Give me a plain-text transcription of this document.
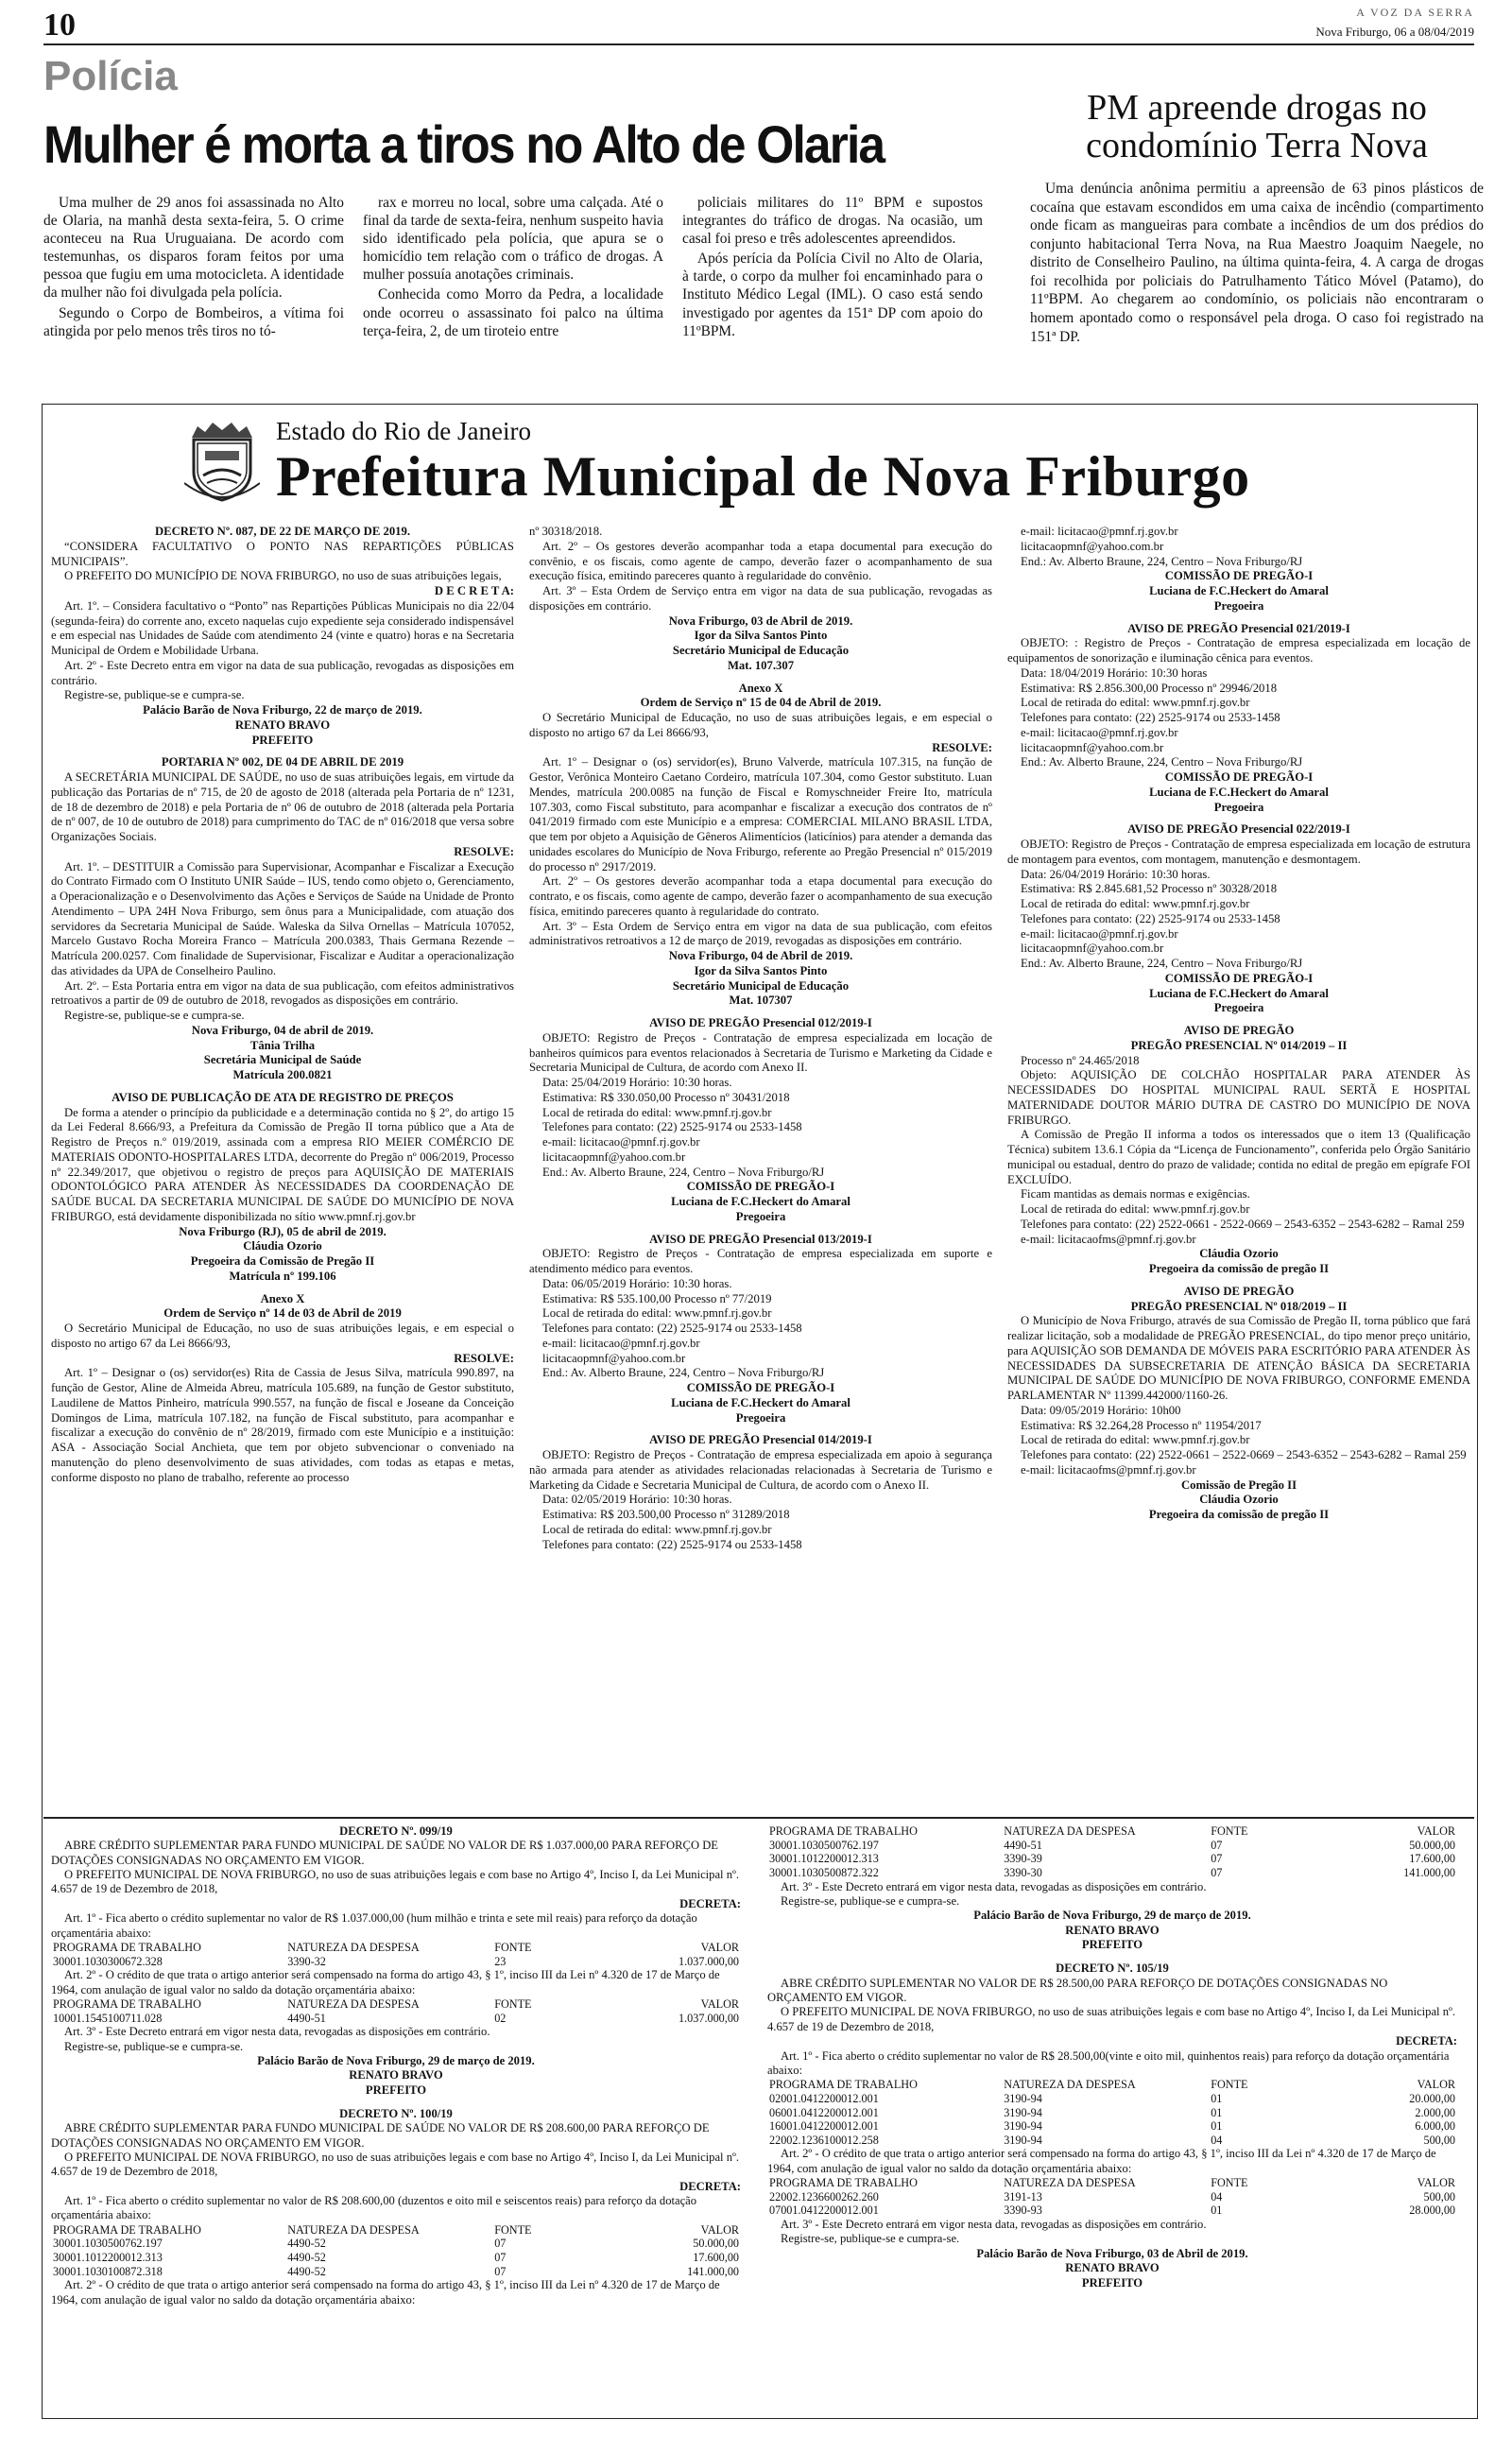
10	A VOZ DA SERRA
Nova Friburgo, 06 a 08/04/2019
Polícia
Mulher é morta a tiros no Alto de Olaria

Uma mulher de 29 anos foi assassinada no Alto de Olaria, na manhã desta sexta-feira, 5. O crime aconteceu na Rua Uruguaiana. De acordo com testemunhas, os disparos foram feitos por uma pessoa que fugiu em uma motocicleta. A identidade da mulher não foi divulgada pela polícia.

Segundo o Corpo de Bombeiros, a vítima foi atingida por pelo menos três tiros no tó-

rax e morreu no local, sobre uma calçada. Até o final da tarde de sexta-feira, nenhum suspeito havia sido identificado pela polícia, que apura se o homicídio tem relação com o tráfico de drogas. A mulher possuía anotações criminais.

Conhecida como Morro da Pedra, a localidade onde ocorreu o assassinato foi palco na última terça-feira, 2, de um tiroteio entre

policiais militares do 11º BPM e supostos integrantes do tráfico de drogas. Na ocasião, um casal foi preso e três adolescentes apreendidos.

Após perícia da Polícia Civil no Alto de Olaria, à tarde, o corpo da mulher foi encaminhado para o Instituto Médico Legal (IML). O caso está sendo investigado por agentes da 151ª DP com apoio do 11ºBPM.

PM apreende drogas no condomínio Terra Nova

Uma denúncia anônima permitiu a apreensão de 63 pinos plásticos de cocaína que estavam escondidos em uma caixa de incêndio (compartimento onde ficam as mangueiras para combate a incêndios de um dos prédios do conjunto habitacional Terra Nova, na Rua Maestro Joaquim Naegele, no distrito de Conselheiro Paulino, na última quinta-feira, 4. A carga de drogas foi recolhida por policiais do Patrulhamento Tático Móvel (Patamo), do 11ºBPM. Ao chegarem ao condomínio, os policiais não encontraram o homem apontado como o responsável pela droga. O caso foi registrado na 151ª DP.

Estado do Rio de Janeiro
Prefeitura Municipal de Nova Friburgo

DECRETO Nº. 087, DE 22 DE MARÇO DE 2019.

“CONSIDERA FACULTATIVO O PONTO NAS REPARTIÇÕES PÚBLICAS MUNICIPAIS”.

O PREFEITO DO MUNICÍPIO DE NOVA FRIBURGO, no uso de suas atribuições legais,

D E C R E T A:

Art. 1º. – Considera facultativo o “Ponto” nas Repartições Públicas Municipais no dia 22/04 (segunda-feira) do corrente ano, exceto naquelas cujo expediente seja considerado indispensável e em especial nas Unidades de Saúde com atendimento 24 (vinte e quatro) horas e na Secretaria Municipal de Ordem e Mobilidade Urbana.

Art. 2º - Este Decreto entra em vigor na data de sua publicação, revogadas as disposições em contrário.

Registre-se, publique-se e cumpra-se.

Palácio Barão de Nova Friburgo, 22 de março de 2019.

RENATO BRAVO

PREFEITO

PORTARIA Nº 002, DE 04 DE ABRIL DE 2019

A SECRETÁRIA MUNICIPAL DE SAÚDE, no uso de suas atribuições legais, em virtude da publicação das Portarias de nº 715, de 20 de agosto de 2018 (alterada pela Portaria de nº 1231, de 18 de dezembro de 2018) e pela Portaria de nº 06 de outubro de 2018 (alterada pela Portaria de nº 007, de 10 de outubro de 2018) para cumprimento do TAC de nº 016/2018 que versa sobre Organizações Sociais.

RESOLVE:

Art. 1º. – DESTITUIR a Comissão para Supervisionar, Acompanhar e Fiscalizar a Execução do Contrato Firmado com O Instituto UNIR Saúde – IUS, tendo como objeto o, Gerenciamento, a Operacionalização e o Desenvolvimento das Ações e Serviços de Saúde na Unidade de Pronto Atendimento – UPA 24H Nova Friburgo, sem ônus para a Municipalidade, com atuação dos servidores da Secretaria Municipal de Saúde. Waleska da Silva Ornellas – Matrícula 107052, Marcelo Gustavo Rocha Moreira Franco – Matrícula 200.0383, Thais Germana Rezende – Matrícula 200.0257. Com finalidade de Supervisionar, Fiscalizar e Auditar a operacionalização das atividades da UPA de Conselheiro Paulino.

Art. 2º. – Esta Portaria entra em vigor na data de sua publicação, com efeitos administrativos retroativos a partir de 09 de outubro de 2018, revogados as disposições em contrário.

Registre-se, publique-se e cumpra-se.

Nova Friburgo, 04 de abril de 2019.

Tânia Trilha

Secretária Municipal de Saúde

Matrícula 200.0821

AVISO DE PUBLICAÇÃO DE ATA DE REGISTRO DE PREÇOS

De forma a atender o princípio da publicidade e a determinação contida no § 2º, do artigo 15 da Lei Federal 8.666/93, a Prefeitura da Comissão de Pregão II torna público que a Ata de Registro de Preços n.º 019/2019, assinada com a empresa RIO MEIER COMÉRCIO DE MATERIAIS ODONTO-HOSPITALARES LTDA, decorrente do Pregão nº 006/2019, Processo nº 22.349/2017, que objetivou o registro de preços para AQUISIÇÃO DE MATERIAIS ODONTOLÓGICO PARA ATENDER ÀS NECESSIDADES DA COORDENAÇÃO DE SAÚDE BUCAL DA SECRETARIA MUNICIPAL DE SAÚDE DO MUNICÍPIO DE NOVA FRIBURGO, está devidamente disponibilizada no sítio www.pmnf.rj.gov.br

Nova Friburgo (RJ), 05 de abril de 2019.

Cláudia Ozorio

Pregoeira da Comissão de Pregão II

Matrícula nº 199.106

Anexo X

Ordem de Serviço nº 14 de 03 de Abril de 2019

O Secretário Municipal de Educação, no uso de suas atribuições legais, e em especial o disposto no artigo 67 da Lei 8666/93,

RESOLVE:

Art. 1º – Designar o (os) servidor(es) Rita de Cassia de Jesus Silva, matrícula 990.897, na função de Gestor, Aline de Almeida Abreu, matrícula 105.689, na função de Gestor substituto, Laudilene de Mattos Pinheiro, matrícula 990.557, na função de fiscal e Joseane da Conceição Domingos de Lima, matrícula 107.182, na função de Fiscal substituto, para acompanhar e fiscalizar a execução do convênio de nº 28/2019, firmado com este Município e a instituição: ASA - Associação Social Anchieta, que tem por objeto subvencionar o conveniado na manutenção do pleno desenvolvimento de suas atividades, com todas as etapas e metas, conforme disposto no plano de trabalho, referente ao processo

nº 30318/2018.

Art. 2º – Os gestores deverão acompanhar toda a etapa documental para execução do convênio, e os fiscais, como agente de campo, deverão fazer o acompanhamento de sua execução física, emitindo pareceres quanto à regularidade do convênio.

Art. 3º – Esta Ordem de Serviço entra em vigor na data de sua publicação, revogadas as disposições em contrário.

Nova Friburgo, 03 de Abril de 2019.

Igor da Silva Santos Pinto

Secretário Municipal de Educação

Mat. 107.307

Anexo X

Ordem de Serviço nº 15 de 04 de Abril de 2019.

O Secretário Municipal de Educação, no uso de suas atribuições legais, e em especial o disposto no artigo 67 da Lei 8666/93,

RESOLVE:

Art. 1º – Designar o (os) servidor(es), Bruno Valverde, matrícula 107.315, na função de Gestor, Verônica Monteiro Caetano Cordeiro, matrícula 107.304, como Gestor substituto. Luan Mendes, matrícula 200.0085 na função de Fiscal e Romyschneider Freire Ito, matrícula 107.303, como Fiscal substituto, para acompanhar e fiscalizar a execução dos contratos de nº 041/2019 firmado com este Município e a empresa: COMERCIAL MILANO BRASIL LTDA, que tem por objeto a Aquisição de Gêneros Alimentícios (laticínios) para atender a demanda das unidades escolares do Município de Nova Friburgo, referente ao Pregão Presencial nº 015/2019 do processo nº 2917/2019.

Art. 2º – Os gestores deverão acompanhar toda a etapa documental para execução do contrato, e os fiscais, como agente de campo, deverão fazer o acompanhamento de sua execução física, emitindo pareceres quanto à regularidade do contrato.

Art. 3º – Esta Ordem de Serviço entra em vigor na data de sua publicação, com efeitos administrativos retroativos a 12 de março de 2019, revogadas as disposições em contrário.

Nova Friburgo, 04 de Abril de 2019.

Igor da Silva Santos Pinto

Secretário Municipal de Educação

Mat. 107307

AVISO DE PREGÃO Presencial 012/2019-I

OBJETO: Registro de Preços - Contratação de empresa especializada em locação de banheiros químicos para eventos relacionados à Secretaria de Turismo e Marketing da Cidade e Secretaria Municipal de Cultura, de acordo com Anexo II.

Data: 25/04/2019 Horário: 10:30 horas.

Estimativa: R$ 330.050,00 Processo nº 30431/2018

Local de retirada do edital: www.pmnf.rj.gov.br

Telefones para contato: (22) 2525-9174 ou 2533-1458

e-mail: licitacao@pmnf.rj.gov.br

licitacaopmnf@yahoo.com.br

End.: Av. Alberto Braune, 224, Centro – Nova Friburgo/RJ

COMISSÃO DE PREGÃO-I

Luciana de F.C.Heckert do Amaral

Pregoeira

AVISO DE PREGÃO Presencial 013/2019-I

OBJETO: Registro de Preços - Contratação de empresa especializada em suporte e atendimento médico para eventos.

Data: 06/05/2019 Horário: 10:30 horas.

Estimativa: R$ 535.100,00 Processo nº 77/2019

Local de retirada do edital: www.pmnf.rj.gov.br

Telefones para contato: (22) 2525-9174 ou 2533-1458

e-mail: licitacao@pmnf.rj.gov.br

licitacaopmnf@yahoo.com.br

End.: Av. Alberto Braune, 224, Centro – Nova Friburgo/RJ

COMISSÃO DE PREGÃO-I

Luciana de F.C.Heckert do Amaral

Pregoeira

AVISO DE PREGÃO Presencial 014/2019-I

OBJETO: Registro de Preços - Contratação de empresa especializada em apoio à segurança não armada para atender as atividades relacionadas relacionadas à Secretaria de Turismo e Marketing da Cidade e Secretaria Municipal de Cultura, de acordo com o Anexo II.

Data: 02/05/2019 Horário: 10:30 horas.

Estimativa: R$ 203.500,00 Processo nº 31289/2018

Local de retirada do edital: www.pmnf.rj.gov.br

Telefones para contato: (22) 2525-9174 ou 2533-1458

e-mail: licitacao@pmnf.rj.gov.br

licitacaopmnf@yahoo.com.br

End.: Av. Alberto Braune, 224, Centro – Nova Friburgo/RJ

COMISSÃO DE PREGÃO-I

Luciana de F.C.Heckert do Amaral

Pregoeira

AVISO DE PREGÃO Presencial 021/2019-I

OBJETO: : Registro de Preços - Contratação de empresa especializada em locação de equipamentos de sonorização e iluminação cênica para eventos.

Data: 18/04/2019 Horário: 10:30 horas

Estimativa: R$ 2.856.300,00 Processo nº 29946/2018

Local de retirada do edital: www.pmnf.rj.gov.br

Telefones para contato: (22) 2525-9174 ou 2533-1458

e-mail: licitacao@pmnf.rj.gov.br

licitacaopmnf@yahoo.com.br

End.: Av. Alberto Braune, 224, Centro – Nova Friburgo/RJ

COMISSÃO DE PREGÃO-I

Luciana de F.C.Heckert do Amaral

Pregoeira

AVISO DE PREGÃO Presencial 022/2019-I

OBJETO: Registro de Preços - Contratação de empresa especializada em locação de estrutura de montagem para eventos, com montagem, manutenção e desmontagem.

Data: 26/04/2019 Horário: 10:30 horas.

Estimativa: R$ 2.845.681,52 Processo nº 30328/2018

Local de retirada do edital: www.pmnf.rj.gov.br

Telefones para contato: (22) 2525-9174 ou 2533-1458

e-mail: licitacao@pmnf.rj.gov.br

licitacaopmnf@yahoo.com.br

End.: Av. Alberto Braune, 224, Centro – Nova Friburgo/RJ

COMISSÃO DE PREGÃO-I

Luciana de F.C.Heckert do Amaral

Pregoeira

AVISO DE PREGÃO

PREGÃO PRESENCIAL Nº 014/2019 – II

Processo nº 24.465/2018

Objeto: AQUISIÇÃO DE COLCHÃO HOSPITALAR PARA ATENDER ÀS NECESSIDADES DO HOSPITAL MUNICIPAL RAUL SERTÃ E HOSPITAL MATERNIDADE DOUTOR MÁRIO DUTRA DE CASTRO DO MUNICÍPIO DE NOVA FRIBURGO.

A Comissão de Pregão II informa a todos os interessados que o item 13 (Qualificação Técnica) subitem 13.6.1 Cópia da “Licença de Funcionamento”, conferida pelo Órgão Sanitário municipal ou estadual, dentro do prazo de validade; contida no edital de pregão em epígrafe FOI EXCLUÍDO.

Ficam mantidas as demais normas e exigências.

Local de retirada do edital: www.pmnf.rj.gov.br

Telefones para contato: (22) 2522-0661 - 2522-0669 – 2543-6352 – 2543-6282 – Ramal 259

e-mail: licitacaofms@pmnf.rj.gov.br

Cláudia Ozorio

Pregoeira da comissão de pregão II

AVISO DE PREGÃO

PREGÃO PRESENCIAL Nº 018/2019 – II

O Município de Nova Friburgo, através de sua Comissão de Pregão II, torna público que fará realizar licitação, sob a modalidade de PREGÃO PRESENCIAL, do tipo menor preço unitário, para AQUISIÇÃO SOB DEMANDA DE MÓVEIS PARA ESCRITÓRIO PARA ATENDER ÀS NECESSIDADES DA SUBSECRETARIA DE ATENÇÃO BÁSICA DA SECRETARIA MUNICIPAL DE SAÚDE DO MUNICÍPIO DE NOVA FRIBURGO, CONFORME EMENDA PARLAMENTAR Nº 11399.442000/1160-26.

Data: 09/05/2019 Horário: 10h00

Estimativa: R$ 32.264,28 Processo nº 11954/2017

Local de retirada do edital: www.pmnf.rj.gov.br

Telefones para contato: (22) 2522-0661 – 2522-0669 – 2543-6352 – 2543-6282 – Ramal 259

e-mail: licitacaofms@pmnf.rj.gov.br

Comissão de Pregão II

Cláudia Ozorio

Pregoeira da comissão de pregão II

DECRETO Nº. 099/19

ABRE CRÉDITO SUPLEMENTAR PARA FUNDO MUNICIPAL DE SAÚDE NO VALOR DE R$ 1.037.000,00 PARA REFORÇO DE DOTAÇÕES CONSIGNADAS NO ORÇAMENTO EM VIGOR.

O PREFEITO MUNICIPAL DE NOVA FRIBURGO, no uso de suas atribuições legais e com base no Artigo 4º, Inciso I, da Lei Municipal nº. 4.657 de 19 de Dezembro de 2018,

DECRETA:

Art. 1º - Fica aberto o crédito suplementar no valor de R$ 1.037.000,00 (hum milhão e trinta e sete mil reais) para reforço da dotação orçamentária abaixo:

PROGRAMA DE TRABALHO	NATUREZA DA DESPESA	FONTE	VALOR
30001.1030300672.328	3390-32	23	1.037.000,00

Art. 2º - O crédito de que trata o artigo anterior será compensado na forma do artigo 43, § 1º, inciso III da Lei nº 4.320 de 17 de Março de 1964, com anulação de igual valor no saldo da dotação orçamentária abaixo:

PROGRAMA DE TRABALHO	NATUREZA DA DESPESA	FONTE	VALOR
10001.1545100711.028	4490-51	02	1.037.000,00

Art. 3º - Este Decreto entrará em vigor nesta data, revogadas as disposições em contrário.

Registre-se, publique-se e cumpra-se.

Palácio Barão de Nova Friburgo, 29 de março de 2019.

RENATO BRAVO

PREFEITO

DECRETO Nº. 100/19

ABRE CRÉDITO SUPLEMENTAR PARA FUNDO MUNICIPAL DE SAÚDE NO VALOR DE R$ 208.600,00 PARA REFORÇO DE DOTAÇÕES CONSIGNADAS NO ORÇAMENTO EM VIGOR.

O PREFEITO MUNICIPAL DE NOVA FRIBURGO, no uso de suas atribuições legais e com base no Artigo 4º, Inciso I, da Lei Municipal nº. 4.657 de 19 de Dezembro de 2018,

DECRETA:

Art. 1º - Fica aberto o crédito suplementar no valor de R$ 208.600,00 (duzentos e oito mil e seiscentos reais) para reforço da dotação orçamentária abaixo:

PROGRAMA DE TRABALHO	NATUREZA DA DESPESA	FONTE	VALOR
30001.1030500762.197	4490-52	07	50.000,00
30001.1012200012.313	4490-52	07	17.600,00
30001.1030100872.318	4490-52	07	141.000,00

Art. 2º - O crédito de que trata o artigo anterior será compensado na forma do artigo 43, § 1º, inciso III da Lei nº 4.320 de 17 de Março de 1964, com anulação de igual valor no saldo da dotação orçamentária abaixo:

PROGRAMA DE TRABALHO	NATUREZA DA DESPESA	FONTE	VALOR
30001.1030500762.197	4490-51	07	50.000,00
30001.1012200012.313	3390-39	07	17.600,00
30001.1030500872.322	3390-30	07	141.000,00

Art. 3º - Este Decreto entrará em vigor nesta data, revogadas as disposições em contrário.

Registre-se, publique-se e cumpra-se.

Palácio Barão de Nova Friburgo, 29 de março de 2019.

RENATO BRAVO

PREFEITO

DECRETO Nº. 105/19

ABRE CRÉDITO SUPLEMENTAR NO VALOR DE R$ 28.500,00 PARA REFORÇO DE DOTAÇÕES CONSIGNADAS NO ORÇAMENTO EM VIGOR.

O PREFEITO MUNICIPAL DE NOVA FRIBURGO, no uso de suas atribuições legais e com base no Artigo 4º, Inciso I, da Lei Municipal nº. 4.657 de 19 de Dezembro de 2018,

DECRETA:

Art. 1º - Fica aberto o crédito suplementar no valor de R$ 28.500,00(vinte e oito mil, quinhentos reais) para reforço da dotação orçamentária abaixo:

PROGRAMA DE TRABALHO	NATUREZA DA DESPESA	FONTE	VALOR
02001.0412200012.001	3190-94	01	20.000,00
06001.0412200012.001	3190-94	01	2.000,00
16001.0412200012.001	3190-94	01	6.000,00
22002.1236100012.258	3190-94	04	500,00

Art. 2º - O crédito de que trata o artigo anterior será compensado na forma do artigo 43, § 1º, inciso III da Lei nº 4.320 de 17 de Março de 1964, com anulação de igual valor no saldo da dotação orçamentária abaixo:

PROGRAMA DE TRABALHO	NATUREZA DA DESPESA	FONTE	VALOR
22002.1236600262.260	3191-13	04	500,00
07001.0412200012.001	3390-93	01	28.000,00

Art. 3º - Este Decreto entrará em vigor nesta data, revogadas as disposições em contrário.

Registre-se, publique-se e cumpra-se.

Palácio Barão de Nova Friburgo, 03 de Abril de 2019.

RENATO BRAVO

PREFEITO
